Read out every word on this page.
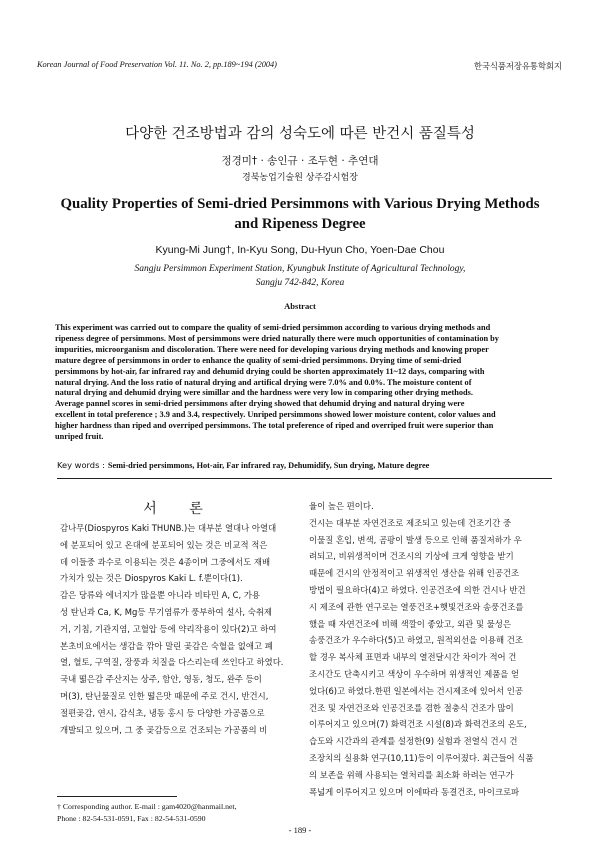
Korean Journal of Food Preservation Vol. 11. No. 2, pp.189~194 (2004)	한국식품저장유통학회지
다양한 건조방법과 감의 성숙도에 따른 반건시 품질특성
정경미† · 송인규 · 조두현 · 추연대
경북농업기술원 상주감시험장
Quality Properties of Semi-dried Persimmons with Various Drying Methods and Ripeness Degree
Kyung-Mi Jung†, In-Kyu Song, Du-Hyun Cho, Yoen-Dae Chou
Sangju Persimmon Experiment Station, Kyungbuk Institute of Agricultural Technology,
Sangju 742-842, Korea
Abstract
This experiment was carried out to compare the quality of semi-dried persimmon according to various drying methods and
ripeness degree of persimmons. Most of persimmons were dried naturally there were much opportunities of contamination by
impurities, microorganism and discoloration. There were need for developing various drying methods and knowing proper
mature degree of persimmons in order to enhance the quality of semi-dried persimmons. Drying time of semi-dried
persimmons by hot-air, far infrared ray and dehumid drying could be shorten approximately 11~12 days, comparing with
natural drying. And the loss ratio of natural drying and artifical drying were 7.0% and 0.0%. The moisture content of
natural drying and dehumid drying were simillar and the hardness were very low in comparing other drying methods.
Average pannel scores in semi-dried persimmons after drying showed that dehumid drying and natural drying were
excellent in total preference ; 3.9 and 3.4, respectively. Unriped persimmons showed lower moisture content, color values and
higher hardness than riped and overriped persimmons. The total preference of riped and overriped fruit were superior than
unriped fruit.
Key words : Semi-dried persimmons, Hot-air, Far infrared ray, Dehumidify, Sun drying, Mature degree
서 론
감나무(Diospyros Kaki THUNB.)는 대부분 열대나 아열대
에 분포되어 있고 온대에 분포되어 있는 것은 비교적 적은
데 이들중 과수로 이용되는 것은 4종이며 그중에서도 재배
가치가 있는 것은 Diospyros Kaki L. f.뿐이다(1).
감은 당류와 에너지가 많을뿐 아니라 비타민 A, C, 가용
성 탄닌과 Ca, K, Mg등 무기염류가 풍부하여 설사, 숙취제
거, 기침, 기관지염, 고혈압 등에 약리작용이 있다(2)고 하여
본초비요에서는 생감을 깎아 말린 곶감은 숙혈을 없애고 폐
열, 혈토, 구역질, 장풍과 치질을 다스리는데 쓰인다고 하였다.
국내 떫은감 주산지는 상주, 함안, 영동, 청도, 완주 등이
며(3), 탄닌물질로 인한 떫은맛 때문에 주로 건시, 반건시,
절편곶감, 연시, 감식초, 냉동 홍시 등 다양한 가공품으로
개발되고 있으며, 그 중 곶감등으로 건조되는 가공품의 비
율이 높은 편이다.
건시는 대부분 자연건조로 제조되고 있는데 건조기간 중
이물질 혼입, 변색, 곰팡이 발생 등으로 인해 품질저하가 우
려되고, 비위생적이며 건조시의 기상에 크게 영향을 받기
때문에 건시의 안정적이고 위생적인 생산을 위해 인공건조
방법이 필요하다(4)고 하였다. 인공건조에 의한 건시나 반건
시 제조에 관한 연구로는 열풍건조+햇빛건조와 송풍건조를
했을 때 자연건조에 비해 색깔이 좋았고, 외관 및 물성은
송풍건조가 우수하다(5)고 하였고, 원적외선을 이용해 건조
할 경우 복사체 표면과 내부의 열전달시간 차이가 적어 건
조시간도 단축시키고 색상이 우수하며 위생적인 제품을 얻
었다(6)고 하였다.한편 일본에서는 건시제조에 있어서 인공
건조 및 자연건조와 인공건조를 겸한 절충식 건조가 많이
이루어지고 있으며(7) 화력건조 시설(8)과 화력건조의 온도,
습도와 시간과의 관계를 설정한(9) 실험과 전열식 건시 건
조장치의 실용화 연구(10,11)등이 이루어졌다. 최근들어 식품
의 보존을 위해 사용되는 열처리를 최소화 하려는 연구가
폭넓게 이루어지고 있으며 이에따라 동결건조, 마이크로파
† Corresponding author. E-mail : gam4020@hanmail.net,
Phone : 82-54-531-0591, Fax : 82-54-531-0590
- 189 -
